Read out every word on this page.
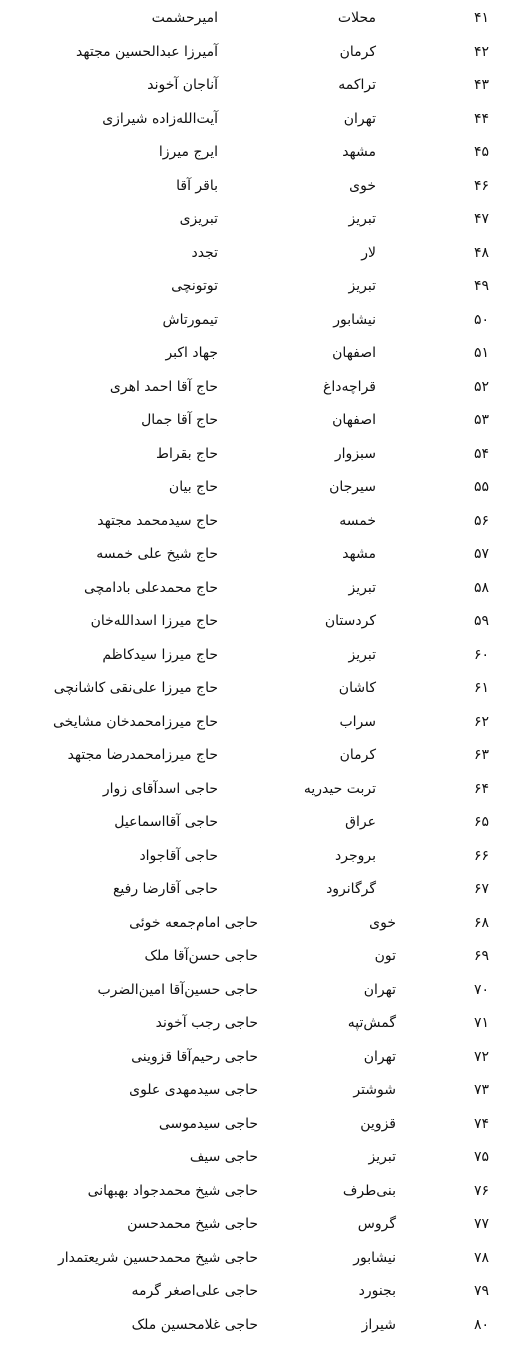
۴۱
محلات
امیرحشمت
۴۲
کرمان
آمیرزا عبدالحسین مجتهد
۴۳
تراکمه
آناجان آخوند
۴۴
تهران
آیت‌الله‌زاده شیرازی
۴۵
مشهد
ایرج میرزا
۴۶
خوی
باقر آقا
۴۷
تبریز
تبریزی
۴۸
لار
تجدد
۴۹
تبریز
توتونچی
۵۰
نیشابور
تیمورتاش
۵۱
اصفهان
جهاد اکبر
۵۲
قراچه‌داغ
حاج آقا احمد اهری
۵۳
اصفهان
حاج آقا جمال
۵۴
سبزوار
حاج بقراط
۵۵
سیرجان
حاج بیان
۵۶
خمسه
حاج سیدمحمد مجتهد
۵۷
مشهد
حاج شیخ علی خمسه
۵۸
تبریز
حاج محمدعلی بادامچی
۵۹
کردستان
حاج میرزا اسدالله‌خان
۶۰
تبریز
حاج میرزا سیدکاظم
۶۱
کاشان
حاج میرزا علی‌نقی کاشانچی
۶۲
سراب
حاج میرزامحمدخان مشایخی
۶۳
کرمان
حاج میرزامحمدرضا مجتهد
۶۴
تربت حیدریه
حاجی اسدآقای زوار
۶۵
عراق
حاجی آقااسماعیل
۶۶
بروجرد
حاجی آقاجواد
۶۷
گرگانرود
حاجی آقارضا رفیع
۶۸
خوی
حاجی امام‌جمعه خوئی
۶۹
تون
حاجی حسن‌آقا ملک
۷۰
تهران
حاجی حسین‌آقا امین‌الضرب
۷۱
گمش‌تپه
حاجی رجب آخوند
۷۲
تهران
حاجی رحیم‌آقا قزوینی
۷۳
شوشتر
حاجی سیدمهدی علوی
۷۴
قزوین
حاجی سیدموسی
۷۵
تبریز
حاجی سیف
۷۶
بنی‌طرف
حاجی شیخ محمدجواد بهبهانی
۷۷
گروس
حاجی شیخ محمدحسن
۷۸
نیشابور
حاجی شیخ محمدحسین شریعتمدار
۷۹
بجنورد
حاجی علی‌اصغر گرمه
۸۰
شیراز
حاجی غلامحسین ملک
